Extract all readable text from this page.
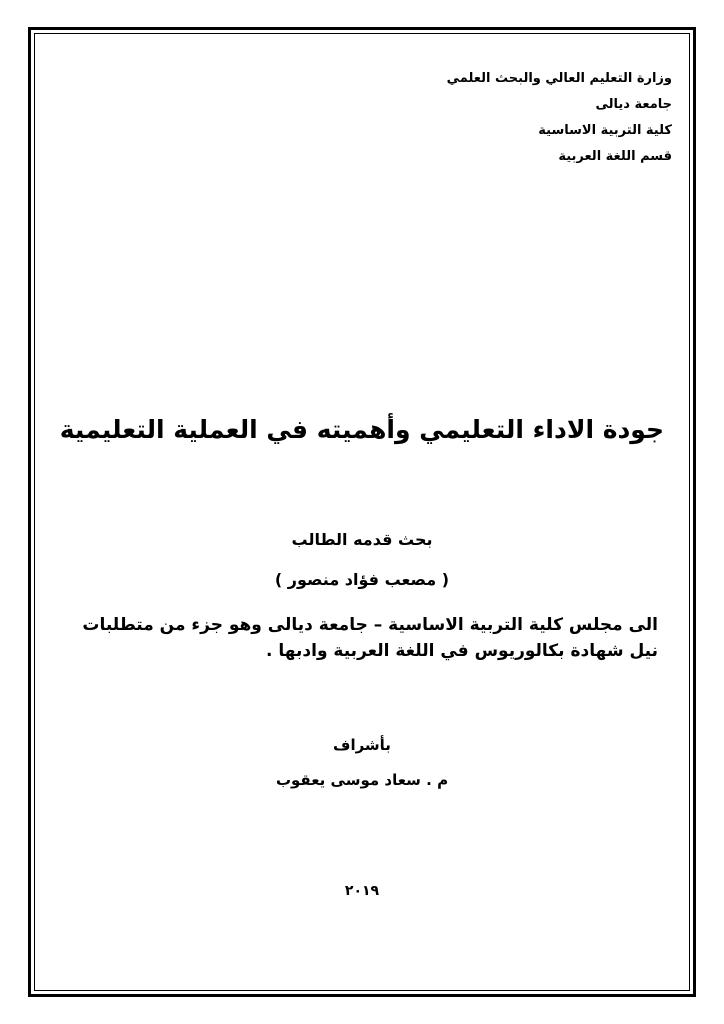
وزارة التعليم العالي والبحث العلمي
جامعة ديالى
كلية التربية الاساسية
قسم اللغة العربية
جودة الاداء التعليمي وأهميته في العملية التعليمية
بحث قدمه الطالب
( مصعب فؤاد منصور )
الى مجلس كلية التربية الاساسية – جامعة ديالى وهو جزء من متطلبات
نيل شهادة بكالوريوس في اللغة العربية وادبها .
بأشراف
م . سعاد موسى يعقوب
٢٠١٩
